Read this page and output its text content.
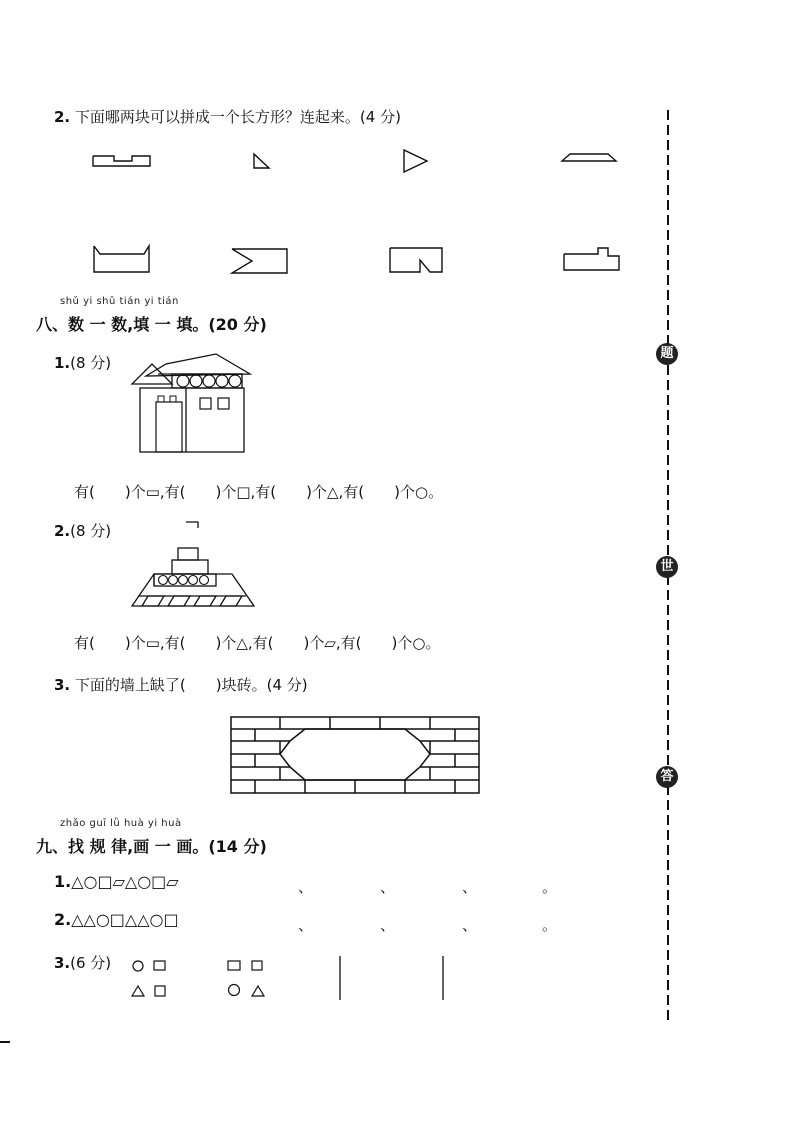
2. 下面哪两块可以拼成一个长方形？连起来。(4 分)
shǔ yi shǔ tián yi tián
八、数 一 数,填 一 填。(20 分)
1.(8 分)
有(　　)个▭,有(　　)个□,有(　　)个△,有(　　)个○。
2.(8 分)
有(　　)个▭,有(　　)个△,有(　　)个▱,有(　　)个○。
3. 下面的墙上缺了(　　)块砖。(4 分)
zhǎo guī lǜ huà yi huà
九、找 规 律,画 一 画。(14 分)
1.△○□▱△○□▱	、	、	、	。
2.△△○□△△○□	、	、	、	。
3.(6 分)
题
世
答
